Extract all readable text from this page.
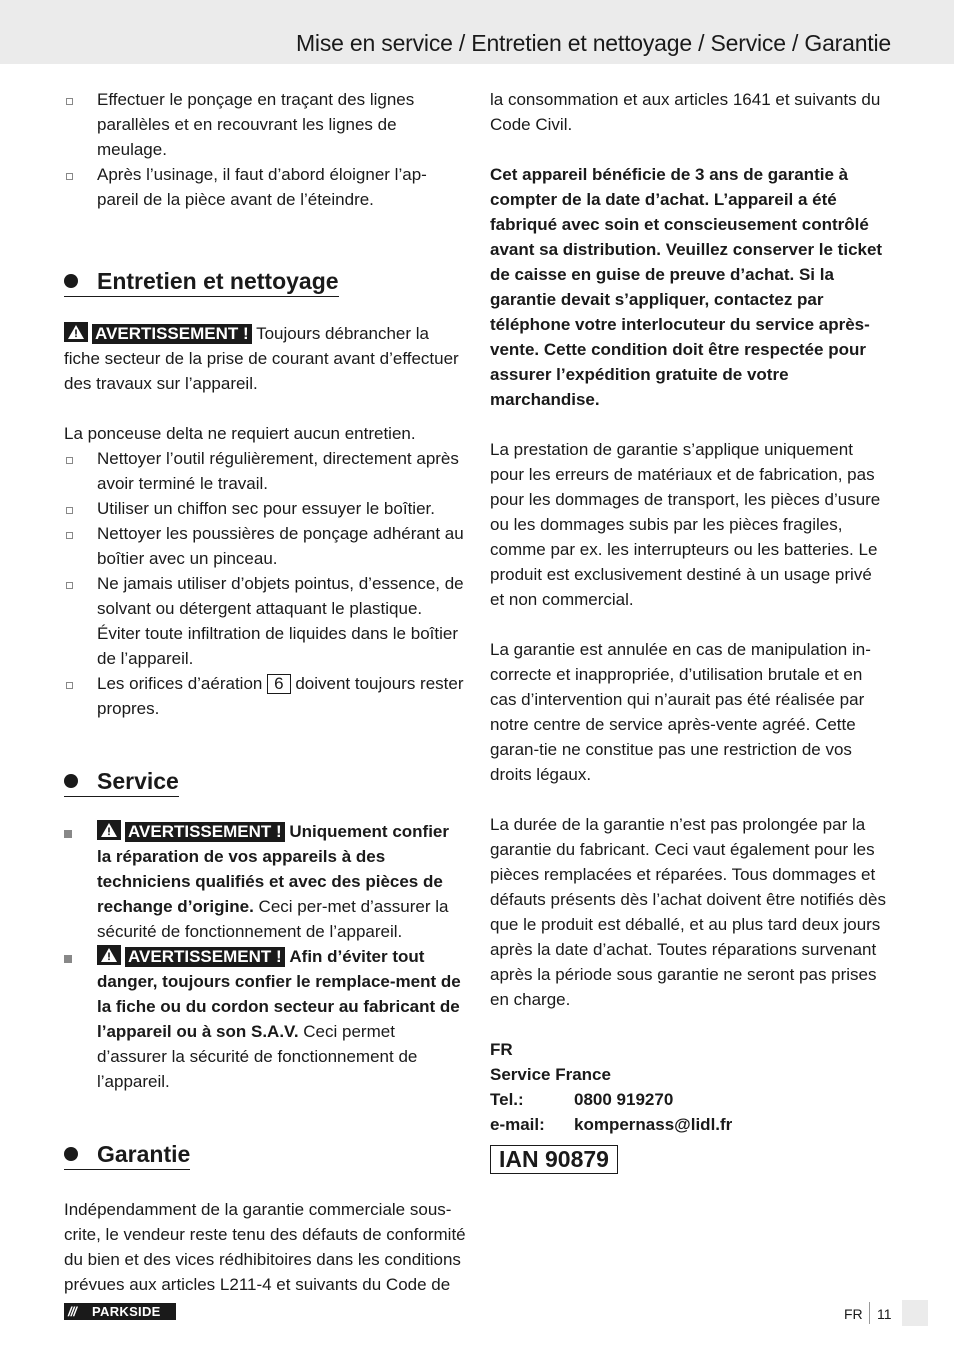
Mise en service / Entretien et nettoyage / Service / Garantie

Effectuer le ponçage en traçant des lignes parallèles et en recouvrant les lignes de meulage.

Après l’usinage, il faut d’abord éloigner l’ap-pareil de la pièce avant de l’éteindre.

Entretien et nettoyage

AVERTISSEMENT ! Toujours débrancher la fiche secteur de la prise de courant avant d’effectuer des travaux sur l’appareil.

La ponceuse delta ne requiert aucun entretien.

Nettoyer l’outil régulièrement, directement après avoir terminé le travail.

Utiliser un chiffon sec pour essuyer le boîtier.

Nettoyer les poussières de ponçage adhérant au boîtier avec un pinceau.

Ne jamais utiliser d’objets pointus, d’essence, de solvant ou détergent attaquant le plastique. Éviter toute infiltration de liquides dans le boîtier de l’appareil.

Les orifices d’aération 6 doivent toujours rester propres.

Service

AVERTISSEMENT ! Uniquement confier la réparation de vos appareils à des techniciens qualifiés et avec des pièces de rechange d’origine. Ceci per-met d’assurer la sécurité de fonctionnement de l’appareil.

AVERTISSEMENT ! Afin d’éviter tout danger, toujours confier le remplace-ment de la fiche ou du cordon secteur au fabricant de l’appareil ou à son S.A.V. Ceci permet d’assurer la sécurité de fonctionnement de l’appareil.

Garantie

Indépendamment de la garantie commerciale sous-crite, le vendeur reste tenu des défauts de conformité du bien et des vices rédhibitoires dans les conditions prévues aux articles L211-4 et suivants du Code de

la consommation et aux articles 1641 et suivants du Code Civil.

Cet appareil bénéficie de 3 ans de garantie à compter de la date d’achat. L’appareil a été fabriqué avec soin et conscieusement contrôlé avant sa distribution. Veuillez conserver le ticket de caisse en guise de preuve d’achat. Si la garantie devait s’appliquer, contactez par téléphone votre interlocuteur du service après-vente. Cette condition doit être respectée pour assurer l’expédition gratuite de votre marchandise.

La prestation de garantie s’applique uniquement pour les erreurs de matériaux et de fabrication, pas pour les dommages de transport, les pièces d’usure ou les dommages subis par les pièces fragiles, comme par ex. les interrupteurs ou les batteries. Le produit est exclusivement destiné à un usage privé et non commercial.

La garantie est annulée en cas de manipulation in-correcte et inappropriée, d’utilisation brutale et en cas d’intervention qui n’aurait pas été réalisée par notre centre de service après-vente agréé. Cette garan-tie ne constitue pas une restriction de vos droits légaux.

La durée de la garantie n’est pas prolongée par la garantie du fabricant. Ceci vaut également pour les pièces remplacées et réparées. Tous dommages et défauts présents dès l’achat doivent être notifiés dès que le produit est déballé, et au plus tard deux jours après la date d’achat. Toutes réparations survenant après la période sous garantie ne seront pas prises en charge.

FR

Service France

Tel.:	0800 919270
e-mail:	kompernass@lidl.fr
IAN 90879
/// PARKSIDE	FR 11
